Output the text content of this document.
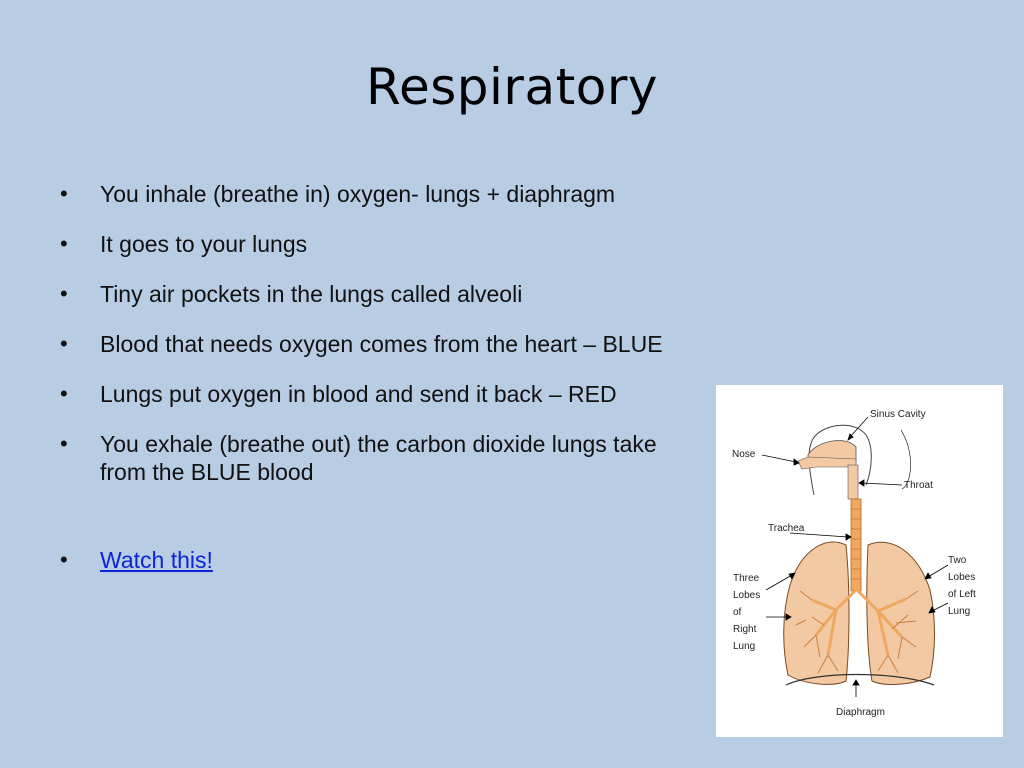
Respiratory
• You inhale (breathe in) oxygen- lungs + diaphragm
• It goes to your lungs
• Tiny air pockets in the lungs called alveoli
• Blood that needs oxygen comes from the heart – BLUE
• Lungs put oxygen in blood and send it back – RED
• You exhale (breathe out) the carbon dioxide lungs take from the BLUE blood
• Watch this!
Sinus Cavity
Nose
Throat
Trachea
Three
Lobes
of
Right
Lung
Two
Lobes
of Left
Lung
Diaphragm
